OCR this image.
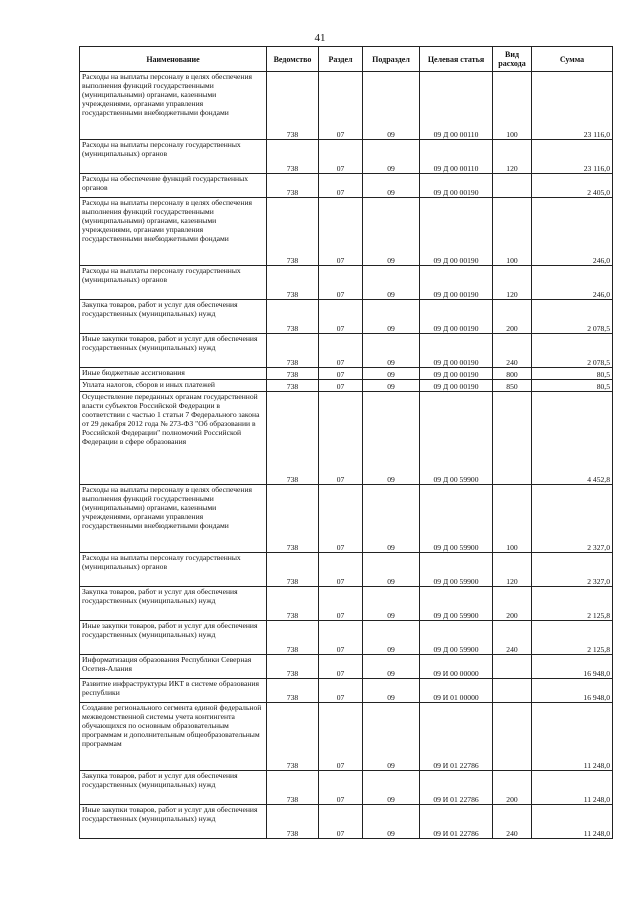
41
Наименование	Ведомство	Раздел	Подраздел	Целевая статья	Вид расхода	Сумма
Расходы на выплаты персоналу в целях обеспечения выполнения функций государственными (муниципальными) органами, казенными учреждениями, органами управления государственными внебюджетными фондами	738	07	09	09 Д 00 00110	100	23 116,0
Расходы на выплаты персоналу государственных (муниципальных) органов	738	07	09	09 Д 00 00110	120	23 116,0
Расходы на обеспечение функций государственных органов	738	07	09	09 Д 00 00190		2 405,0
Расходы на выплаты персоналу в целях обеспечения выполнения функций государственными (муниципальными) органами, казенными учреждениями, органами управления государственными внебюджетными фондами	738	07	09	09 Д 00 00190	100	246,0
Расходы на выплаты персоналу государственных (муниципальных) органов	738	07	09	09 Д 00 00190	120	246,0
Закупка товаров, работ и услуг для обеспечения государственных (муниципальных) нужд	738	07	09	09 Д 00 00190	200	2 078,5
Иные закупки товаров, работ и услуг для обеспечения государственных (муниципальных) нужд	738	07	09	09 Д 00 00190	240	2 078,5
Иные бюджетные ассигнования	738	07	09	09 Д 00 00190	800	80,5
Уплата налогов, сборов и иных платежей	738	07	09	09 Д 00 00190	850	80,5
Осуществление переданных органам государственной власти субъектов Российской Федерации в соответствии с частью 1 статьи 7 Федерального закона от 29 декабря 2012 года № 273-ФЗ "Об образовании в Российской Федерации" полномочий Российской Федерации в сфере образования	738	07	09	09 Д 00 59900		4 452,8
Расходы на выплаты персоналу в целях обеспечения выполнения функций государственными (муниципальными) органами, казенными учреждениями, органами управления государственными внебюджетными фондами	738	07	09	09 Д 00 59900	100	2 327,0
Расходы на выплаты персоналу государственных (муниципальных) органов	738	07	09	09 Д 00 59900	120	2 327,0
Закупка товаров, работ и услуг для обеспечения государственных (муниципальных) нужд	738	07	09	09 Д 00 59900	200	2 125,8
Иные закупки товаров, работ и услуг для обеспечения государственных (муниципальных) нужд	738	07	09	09 Д 00 59900	240	2 125,8
Информатизация образования Республики Северная Осетия-Алания	738	07	09	09 И 00 00000		16 948,0
Развитие инфраструктуры ИКТ в системе образования республики	738	07	09	09 И 01 00000		16 948,0
Создание регионального сегмента единой федеральной межведомственной системы учета контингента обучающихся по основным образовательным программам и дополнительным общеобразовательным программам	738	07	09	09 И 01 22786		11 248,0
Закупка товаров, работ и услуг для обеспечения государственных (муниципальных) нужд	738	07	09	09 И 01 22786	200	11 248,0
Иные закупки товаров, работ и услуг для обеспечения государственных (муниципальных) нужд	738	07	09	09 И 01 22786	240	11 248,0
